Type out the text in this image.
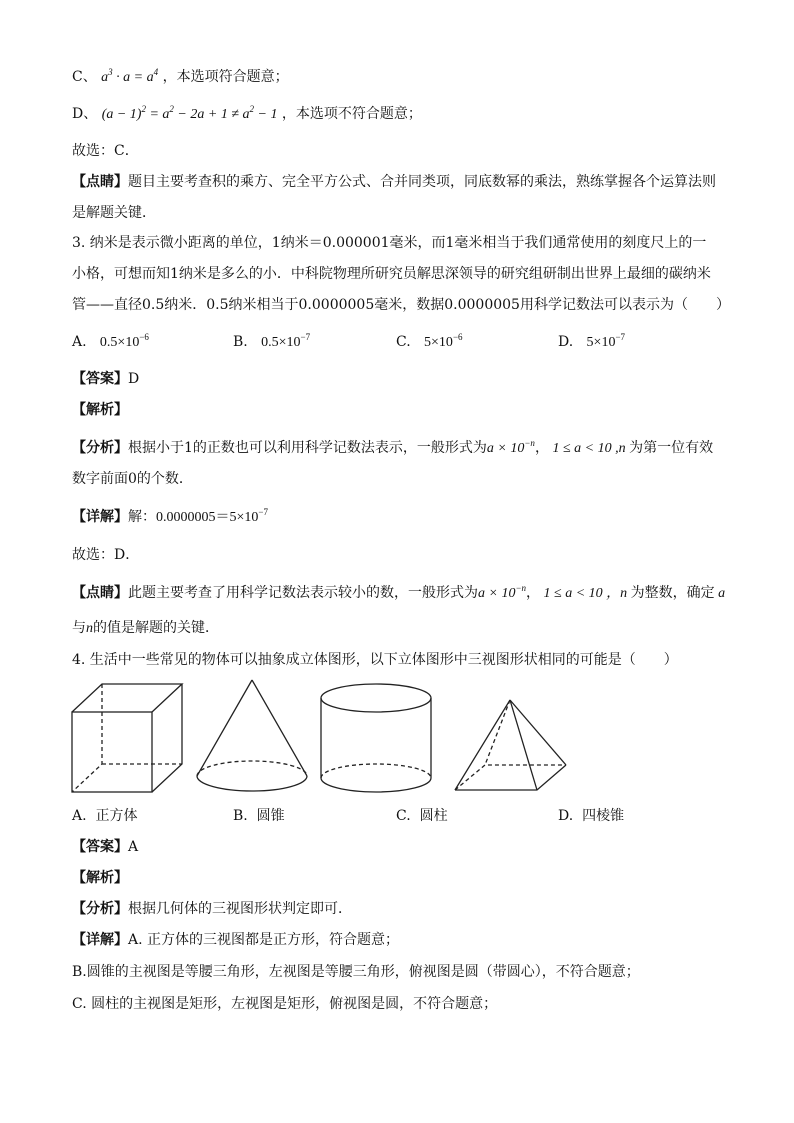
C、 $a^3 \cdot a = a^4$ ，本选项符合题意；
D、 $(a - 1)^2 = a^2 - 2a + 1 \ne a^2 - 1$ ，本选项不符合题意；
故选：C．
【点睛】题目主要考查积的乘方、完全平方公式、合并同类项，同底数幂的乘法，熟练掌握各个运算法则
是解题关键．
3. 纳米是表示微小距离的单位，1纳米＝0.000001毫米，而1毫米相当于我们通常使用的刻度尺上的一
小格，可想而知1纳米是多么的小．中科院物理所研究员解思深领导的研究组研制出世界上最细的碳纳米
管——直径0.5纳米．0.5纳米相当于0.0000005毫米，数据0.0000005用科学记数法可以表示为（　　）
A. $0.5\times 10^{-6}$	B. $0.5\times 10^{-7}$	C. $5\times 10^{-6}$	D. $5\times 10^{-7}$
【答案】D
【解析】
【分析】根据小于1的正数也可以利用科学记数法表示，一般形式为$a \times 10^{-n}$， 1 ≤ a < 10 ,n 为第一位有效
数字前面0的个数．
【详解】解：$0.0000005=5\times 10^{-7}$
故选：D．
【点睛】此题主要考查了用科学记数法表示较小的数，一般形式为$a \times 10^{-n}$， 1 ≤ a < 10 ，n 为整数，确定 a
与n的值是解题的关键．
4. 生活中一些常见的物体可以抽象成立体图形，以下立体图形中三视图形状相同的可能是（　　）
A. 正方体	B. 圆锥	C. 圆柱	D. 四棱锥
【答案】A
【解析】
【分析】根据几何体的三视图形状判定即可．
【详解】A. 正方体的三视图都是正方形，符合题意；
B.圆锥的主视图是等腰三角形，左视图是等腰三角形，俯视图是圆（带圆心），不符合题意；
C. 圆柱的主视图是矩形，左视图是矩形，俯视图是圆，不符合题意；
